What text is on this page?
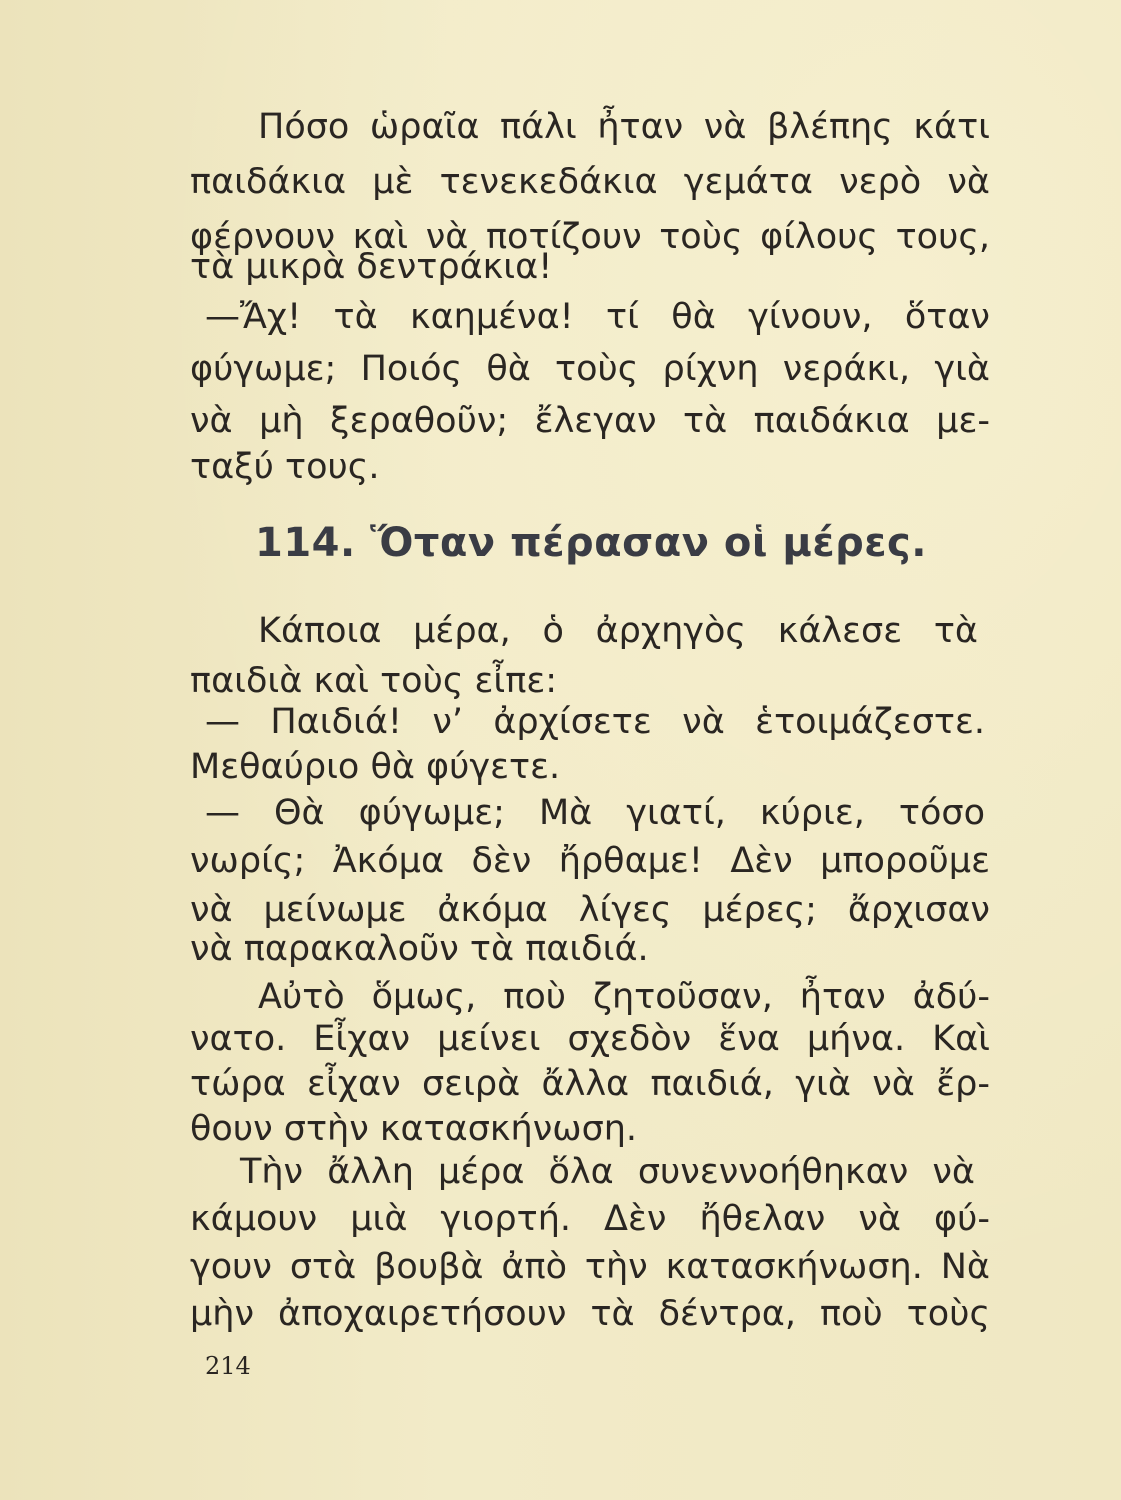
Πόσο ὡραῖα πάλι ἦταν νὰ βλέπης κάτι
παιδάκια μὲ τενεκεδάκια γεμάτα νερὸ νὰ
φέρνουν καὶ νὰ ποτίζουν τοὺς φίλους τους,
τὰ μικρὰ δεντράκια!
—Ἄχ! τὰ καημένα! τί θὰ γίνουν, ὅταν
φύγωμε; Ποιός θὰ τοὺς ρίχνη νεράκι, γιὰ
νὰ μὴ ξεραθοῦν; ἔλεγαν τὰ παιδάκια με-
ταξύ τους.
114. Ὅταν πέρασαν οἱ μέρες.
Κάποια μέρα, ὁ ἀρχηγὸς κάλεσε τὰ
παιδιὰ καὶ τοὺς εἶπε:
— Παιδιά! ν’ ἀρχίσετε νὰ ἑτοιμάζεστε.
Μεθαύριο θὰ φύγετε.
— Θὰ φύγωμε; Μὰ γιατί, κύριε, τόσο
νωρίς; Ἀκόμα δὲν ἤρθαμε! Δὲν μποροῦμε
νὰ μείνωμε ἀκόμα λίγες μέρες; ἄρχισαν
νὰ παρακαλοῦν τὰ παιδιά.
Αὐτὸ ὅμως, ποὺ ζητοῦσαν, ἦταν ἀδύ-
νατο. Εἶχαν μείνει σχεδὸν ἕνα μήνα. Καὶ
τώρα εἶχαν σειρὰ ἄλλα παιδιά, γιὰ νὰ ἔρ-
θουν στὴν κατασκήνωση.
Τὴν ἄλλη μέρα ὅλα συνεννοήθηκαν νὰ
κάμουν μιὰ γιορτή. Δὲν ἤθελαν νὰ φύ-
γουν στὰ βουβὰ ἀπὸ τὴν κατασκήνωση. Νὰ
μὴν ἀποχαιρετήσουν τὰ δέντρα, ποὺ τοὺς
214
